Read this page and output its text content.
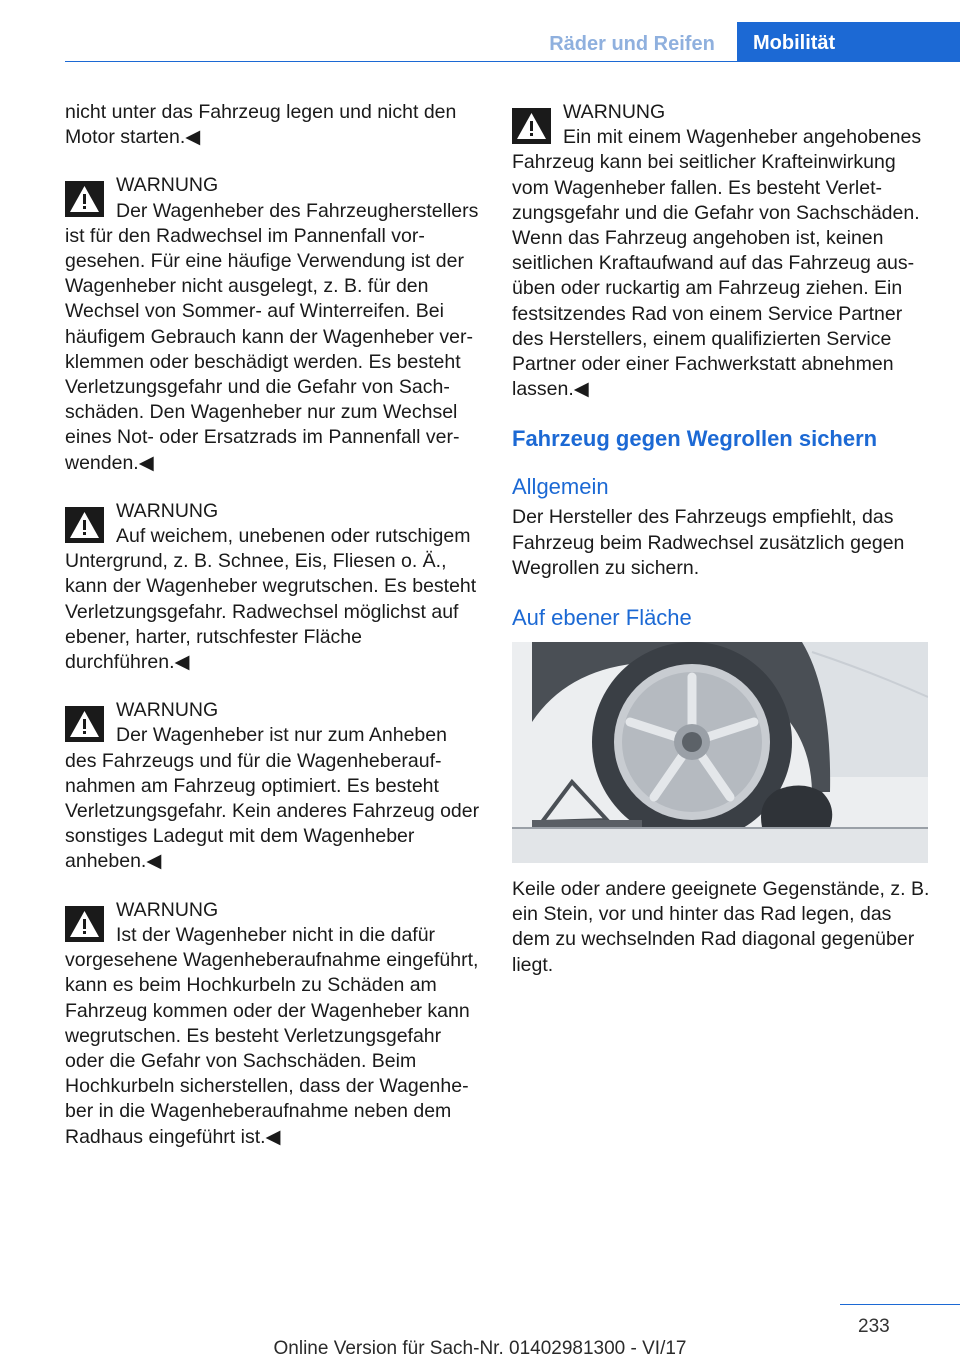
Räder und Reifen	Mobilität

nicht unter das Fahrzeug legen und nicht den Motor starten.◀

WARNUNG

Der Wagenheber des Fahrzeugherstellers ist für den Radwechsel im Pannenfall vorgesehen. Für eine häufige Verwendung ist der Wagenheber nicht ausgelegt, z. B. für den Wechsel von Sommer- auf Winterreifen. Bei häufigem Gebrauch kann der Wagenheber verklemmen oder beschädigt werden. Es besteht Verletzungsgefahr und die Gefahr von Sachschäden. Den Wagenheber nur zum Wechsel eines Not- oder Ersatzrads im Pannenfall verwenden.◀

WARNUNG

Auf weichem, unebenen oder rutschigem Untergrund, z. B. Schnee, Eis, Fliesen o. Ä., kann der Wagenheber wegrutschen. Es besteht Verletzungsgefahr. Radwechsel möglichst auf ebener, harter, rutschfester Fläche durchführen.◀

WARNUNG

Der Wagenheber ist nur zum Anheben des Fahrzeugs und für die Wagenheberaufnahmen am Fahrzeug optimiert. Es besteht Verletzungsgefahr. Kein anderes Fahrzeug oder sonstiges Ladegut mit dem Wagenheber anheben.◀

WARNUNG

Ist der Wagenheber nicht in die dafür vorgesehene Wagenheberaufnahme eingeführt, kann es beim Hochkurbeln zu Schäden am Fahrzeug kommen oder der Wagenheber kann wegrutschen. Es besteht Verletzungsgefahr oder die Gefahr von Sachschäden. Beim Hochkurbeln sicherstellen, dass der Wagenheber in die Wagenheberaufnahme neben dem Radhaus eingeführt ist.◀

WARNUNG

Ein mit einem Wagenheber angehobenes Fahrzeug kann bei seitlicher Krafteinwirkung vom Wagenheber fallen. Es besteht Verletzungsgefahr und die Gefahr von Sachschäden. Wenn das Fahrzeug angehoben ist, keinen seitlichen Kraftaufwand auf das Fahrzeug ausüben oder ruckartig am Fahrzeug ziehen. Ein festsitzendes Rad von einem Service Partner des Herstellers, einem qualifizierten Service Partner oder einer Fachwerkstatt abnehmen lassen.◀

Fahrzeug gegen Wegrollen sichern
Allgemein

Der Hersteller des Fahrzeugs empfiehlt, das Fahrzeug beim Radwechsel zusätzlich gegen Wegrollen zu sichern.

Auf ebener Fläche

Keile oder andere geeignete Gegenstände, z. B. ein Stein, vor und hinter das Rad legen, das dem zu wechselnden Rad diagonal gegenüber liegt.

233
Online Version für Sach-Nr. 01402981300 - VI/17
